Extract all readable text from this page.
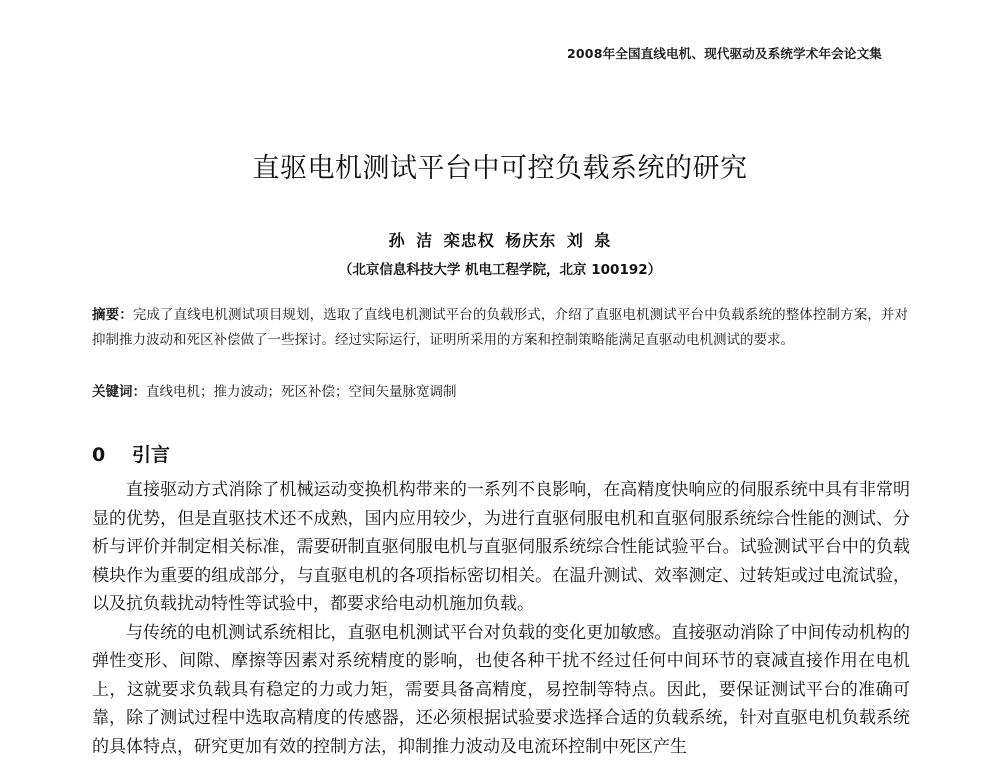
2008年全国直线电机、现代驱动及系统学术年会论文集
直驱电机测试平台中可控负载系统的研究
孙 洁 栾忠权 杨庆东 刘 泉
（北京信息科技大学 机电工程学院，北京 100192）
摘要：完成了直线电机测试项目规划，选取了直线电机测试平台的负载形式，介绍了直驱电机测试平台中负载系统的整体控制方案，并对抑制推力波动和死区补偿做了一些探讨。经过实际运行，证明所采用的方案和控制策略能满足直驱动电机测试的要求。
关键词：直线电机；推力波动；死区补偿；空间矢量脉宽调制
0 引言

直接驱动方式消除了机械运动变换机构带来的一系列不良影响，在高精度快响应的伺服系统中具有非常明显的优势，但是直驱技术还不成熟，国内应用较少，为进行直驱伺服电机和直驱伺服系统综合性能的测试、分析与评价并制定相关标准，需要研制直驱伺服电机与直驱伺服系统综合性能试验平台。试验测试平台中的负载模块作为重要的组成部分，与直驱电机的各项指标密切相关。在温升测试、效率测定、过转矩或过电流试验，以及抗负载扰动特性等试验中，都要求给电动机施加负载。

与传统的电机测试系统相比，直驱电机测试平台对负载的变化更加敏感。直接驱动消除了中间传动机构的弹性变形、间隙、摩擦等因素对系统精度的影响，也使各种干扰不经过任何中间环节的衰减直接作用在电机上，这就要求负载具有稳定的力或力矩，需要具备高精度，易控制等特点。因此，要保证测试平台的准确可靠，除了测试过程中选取高精度的传感器，还必须根据试验要求选择合适的负载系统，针对直驱电机负载系统的具体特点，研究更加有效的控制方法，抑制推力波动及电流环控制中死区产生
